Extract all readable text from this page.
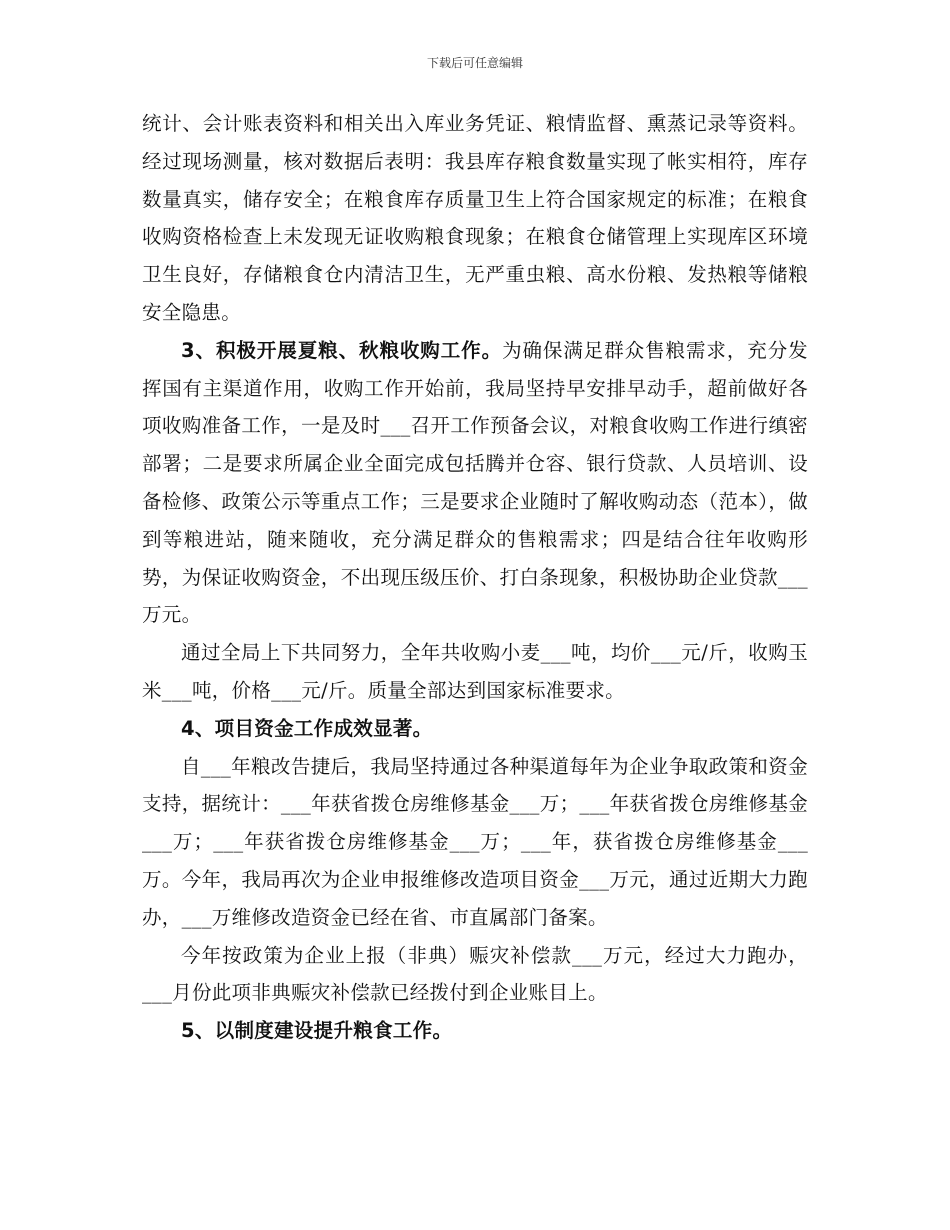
下载后可任意编辑

统计、会计账表资料和相关出入库业务凭证、粮情监督、熏蒸记录等资料。经过现场测量，核对数据后表明：我县库存粮食数量实现了帐实相符，库存数量真实，储存安全；在粮食库存质量卫生上符合国家规定的标准；在粮食收购资格检查上未发现无证收购粮食现象；在粮食仓储管理上实现库区环境卫生良好，存储粮食仓内清洁卫生，无严重虫粮、高水份粮、发热粮等储粮安全隐患。

3、积极开展夏粮、秋粮收购工作。为确保满足群众售粮需求，充分发挥国有主渠道作用，收购工作开始前，我局坚持早安排早动手，超前做好各项收购准备工作，一是及时___召开工作预备会议，对粮食收购工作进行缜密部署；二是要求所属企业全面完成包括腾并仓容、银行贷款、人员培训、设备检修、政策公示等重点工作；三是要求企业随时了解收购动态（范本），做到等粮进站，随来随收，充分满足群众的售粮需求；四是结合往年收购形势，为保证收购资金，不出现压级压价、打白条现象，积极协助企业贷款___万元。

通过全局上下共同努力，全年共收购小麦___吨，均价___元/斤，收购玉米___吨，价格___元/斤。质量全部达到国家标准要求。

4、项目资金工作成效显著。

自___年粮改告捷后，我局坚持通过各种渠道每年为企业争取政策和资金支持，据统计：___年获省拨仓房维修基金___万；___年获省拨仓房维修基金___万；___年获省拨仓房维修基金___万；___年，获省拨仓房维修基金___万。今年，我局再次为企业申报维修改造项目资金___万元，通过近期大力跑办，___万维修改造资金已经在省、市直属部门备案。

今年按政策为企业上报（非典）赈灾补偿款___万元，经过大力跑办，___月份此项非典赈灾补偿款已经拨付到企业账目上。

5、以制度建设提升粮食工作。
